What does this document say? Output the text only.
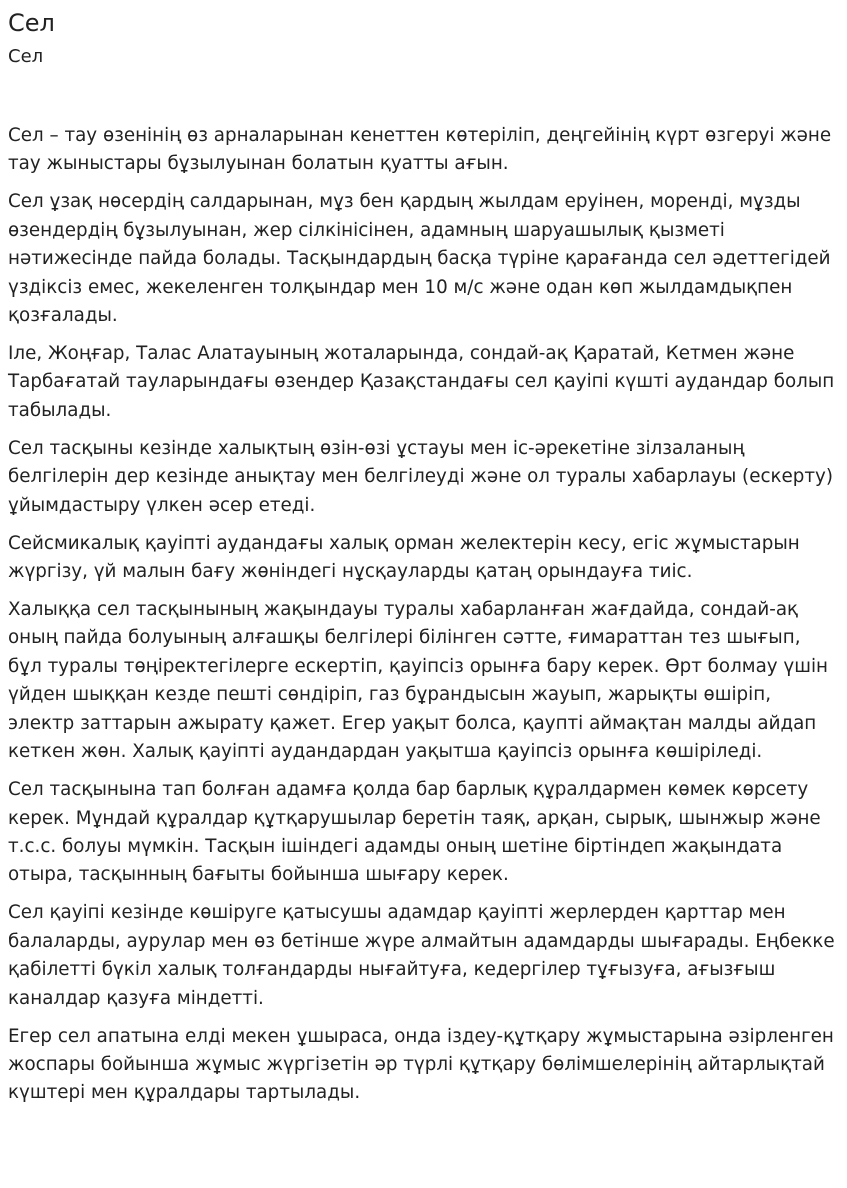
Сел
Сел

Сел – тау өзенінің өз арналарынан кенеттен көтеріліп, деңгейінің күрт өзгеруі және тау жыныстары бұзылуынан болатын қуатты ағын.

Сел ұзақ нөсердің салдарынан, мұз бен қардың жылдам еруінен, моренді, мұзды өзендердің бұзылуынан, жер сілкінісінен, адамның шаруашылық қызметі нәтижесінде пайда болады. Тасқындардың басқа түріне қарағанда сел әдеттегідей үздіксіз емес, жекеленген толқындар мен 10 м/с және одан көп жылдамдықпен қозғалады.

Іле, Жоңғар, Талас Алатауының жоталарында, сондай-ақ Қаратай, Кетмен және Тарбағатай тауларындағы өзендер Қазақстандағы сел қауіпі күшті аудандар болып табылады.

Сел тасқыны кезінде халықтың өзін-өзі ұстауы мен іс-әрекетіне зілзаланың белгілерін дер кезінде анықтау мен белгілеуді және ол туралы хабарлауы (ескерту) ұйымдастыру үлкен әсер етеді.

Сейсмикалық қауіпті аудандағы халық орман желектерін кесу, егіс жұмыстарын жүргізу, үй малын бағу жөніндегі нұсқауларды қатаң орындауға тиіс.

Халыққа сел тасқынының жақындауы туралы хабарланған жағдайда, сондай-ақ оның пайда болуының алғашқы белгілері білінген сәтте, ғимараттан тез шығып, бұл туралы төңіректегілерге ескертіп, қауіпсіз орынға бару керек. Өрт болмау үшін үйден шыққан кезде пешті сөндіріп, газ бұрандысын жауып, жарықты өшіріп, электр заттарын ажырату қажет. Егер уақыт болса, қаупті аймақтан малды айдап кеткен жөн. Халық қауіпті аудандардан уақытша қауіпсіз орынға көшіріледі.

Сел тасқынына тап болған адамға қолда бар барлық құралдармен көмек көрсету керек. Мұндай құралдар құтқарушылар беретін таяқ, арқан, сырық, шынжыр және т.с.с. болуы мүмкін. Тасқын ішіндегі адамды оның шетіне біртіндеп жақындата отыра, тасқынның бағыты бойынша шығару керек.

Сел қауіпі кезінде көшіруге қатысушы адамдар қауіпті жерлерден қарттар мен балаларды, аурулар мен өз бетінше жүре алмайтын адамдарды шығарады. Еңбекке қабілетті бүкіл халық толғандарды нығайтуға, кедергілер тұғызуға, ағызғыш каналдар қазуға міндетті.

Егер сел апатына елді мекен ұшыраса, онда іздеу-құтқару жұмыстарына әзірленген жоспары бойынша жұмыс жүргізетін әр түрлі құтқару бөлімшелерінің айтарлықтай күштері мен құралдары тартылады.
